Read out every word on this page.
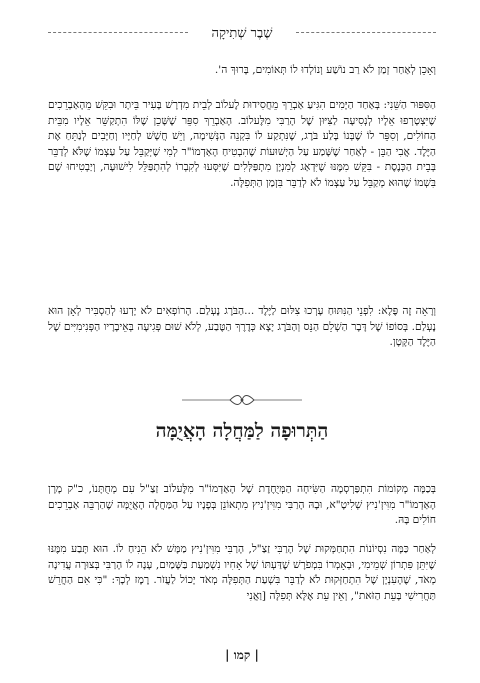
שֶׁבֶר שְׁתִיקָה

וְאָכֵן לְאַחַר זְמַן לֹא רַב נוֹשַׁע וְנוֹלְדוּ לוֹ תְּאוֹמִים, בָּרוּךְ ה'.

הַסִּפּוּר הַשֵּׁנִי: בְּאַחַד הַיָּמִים הִגִּיעַ אַבְרֵךְ מֵחֲסִידוּת לֶעלוֹב לְבֵית מִדְרָשׁ בָּעִיר בֵּיתָר וּבִקֵּשׁ מֵהָאַבְרֵכִים שֶׁיִּצְטָרְפוּ אֵלָיו לְנְסִיעָה לַצִּיּוּן שֶׁל הָרַבִּי מִלֶּעלוֹב. הָאַבְרֵךְ סִפֵּר שֶׁשָּׁכֵן שֶׁלּוֹ הִתְקַשֵּׁר אֵלָיו מִבֵּית הַחוֹלִים, וְסִפֵּר לוֹ שֶׁבְּנוֹ בָּלַע בֹּרֶג, שֶׁנִּתְקַע לוֹ בִּקְנֵה הַנְּשִׁימָה, וְיֵשׁ חֲשָׁשׁ לְחַיָּיו וְחַיָּבִים לְנַתֵּחַ אֶת הַיֶּלֶד. אֲבִי הַבֵּן - לְאַחַר שֶׁשָּׁמַע עַל הַיְשׁוּעוֹת שֶׁהִבְטִיחַ הָאַדְמוֹ"ר לְמִי שֶׁיְּקַבֵּל עַל עַצְמוֹ שֶׁלֹּא לְדַבֵּר בְּבֵית הַכְּנֶסֶת - בִּקֵּשׁ מִמֶּנּוּ שֶׁיִּדְאַג לְמִנְיָן מִתְפַּלְּלִים שֶׁיִּסְּעוּ לְקִבְרוֹ לְהִתְפַּלֵּל לִישׁוּעָה, וְיַבְטִיחוּ שָׁם בִּשְׁמוֹ שֶׁהוּא מְקַבֵּל עַל עַצְמוֹ לֹא לְדַבֵּר בִּזְמַן הַתְּפִלָּה.

וְרָאֵה זֶה פֶּלֶא: לִפְנֵי הַנִּתּוּחַ עָרְכוּ צִלּוּם לַיֶּלֶד ...הַבֹּרֶג נֶעְלַם. הָרוֹפְאִים לֹא יָדְעוּ לְהַסְבִּיר לְאָן הוּא נֶעְלַם. בְּסוֹפוֹ שֶׁל דָּבָר הַשְׁלֵם הַנֵּס וְהַבֹּרֶג יָצָא כְּדֶרֶךְ הַטֶּבַע, לְלֹא שׁוּם פְּגִיעָה בְּאֵיבָרָיו הַפְּנִימִיִּים שֶׁל הַיֶּלֶד הַקָּטָן.

הַתְּרוּפָה לַמַּחֲלָה הָאֲיֻמָּה

בְּכַמָּה מְקוֹמוֹת הִתְפַּרְסְמָה הַשִּׂיחָה הַמְּיֻחֶדֶת שֶׁל הָאַדְמוֹ"ר מִלֶּעלוֹב זַצַ"ל עִם מְחֻתָּנוֹ, כ"ק מָרָן הָאַדְמוֹ"ר מִוִּיזְ'נִיץ שְׁלִיטָ"א, וּבָהּ הָרַבִּי מִוִּיזְ'נִיץ מִתְאוֹנֵן בְּפָנָיו עַל הַמַּחֲלָה הָאֲיֻמָּה שֶׁהַרְבֵּה אַבְרֵכִים חוֹלִים בָּהּ.

לְאַחַר כַּמָּה נִסְיוֹנוֹת הִתְחַמְּקוּת שֶׁל הָרַבִּי זַצַ"ל, הָרַבִּי מִוִּיזְ'נִיץ מַמָּשׁ לֹא הֵנִיחַ לוֹ. הוּא תָּבַע מִמֶּנּוּ שֶׁיִּתֵּן פִּתְרוֹן שְׁמֵימִי, וּבְאָמְרוֹ בִּמְפֹרָשׁ שֶׁדַּעְתּוֹ שֶׁל אָחִיו נִשְׁמַעַת בַּשָּׁמַיִם, עָנָה לוֹ הָרַבִּי בְּצוּרָה עֲדִינָה מְאֹד, שֶׁהָעִנְיָן שֶׁל הִתְחַזְּקוּת לֹא לְדַבֵּר בִּשְׁעַת הַתְּפִלָּה מְאֹד יָכוֹל לַעֲזֹר. רֶמֶז לְכָךְ: "כִּי אִם הַחֲרֵשׁ תַּחֲרִישִׁי בָּעֵת הַזֹּאת", וְאֵין עֵת אֶלָּא תְּפִלָּה [וַאֲנִי

| קמו |
